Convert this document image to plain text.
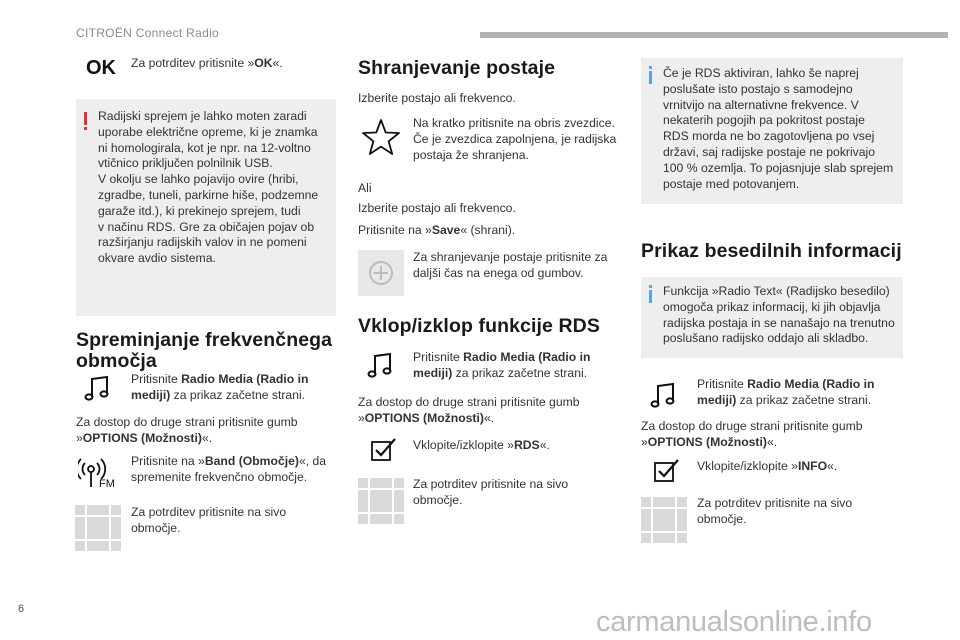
CITROËN Connect Radio
6	carmanualsonline.info
OK Za potrditev pritisnite »OK«.
Radijski sprejem je lahko moten zaradi
uporabe električne opreme, ki je znamka
ni homologirala, kot je npr. na 12-voltno
vtičnico priključen polnilnik USB.
V okolju se lahko pojavijo ovire (hribi,
zgradbe, tuneli, parkirne hiše, podzemne
garaže itd.), ki prekinejo sprejem, tudi
v načinu RDS. Gre za običajen pojav ob
razširjanju radijskih valov in ne pomeni
okvare avdio sistema.
Spreminjanje frekvenčnega
območja
Pritisnite Radio Media (Radio in mediji) za prikaz začetne strani.
Za dostop do druge strani pritisnite gumb
»OPTIONS (Možnosti)«.
FM
Pritisnite na »Band (Območje)«, da spremenite frekvenčno območje.
Za potrditev pritisnite na sivo območje.
Shranjevanje postaje
Izberite postajo ali frekvenco.
Na kratko pritisnite na obris zvezdice. Če je zvezdica zapolnjena, je radijska postaja že shranjena.
Ali
Izberite postajo ali frekvenco.
Pritisnite na »Save« (shrani).
Za shranjevanje postaje pritisnite za daljši čas na enega od gumbov.
Vklop/izklop funkcije RDS
Pritisnite Radio Media (Radio in mediji) za prikaz začetne strani.
Za dostop do druge strani pritisnite gumb
»OPTIONS (Možnosti)«.
Vklopite/izklopite »RDS«.
Za potrditev pritisnite na sivo območje.
Če je RDS aktiviran, lahko še naprej
poslušate isto postajo s samodejno
vrnitvijo na alternativne frekvence. V
nekaterih pogojih pa pokritost postaje
RDS morda ne bo zagotovljena po vsej
državi, saj radijske postaje ne pokrivajo
100 % ozemlja. To pojasnjuje slab sprejem
postaje med potovanjem.
Prikaz besedilnih informacij
Funkcija »Radio Text« (Radijsko besedilo)
omogoča prikaz informacij, ki jih objavlja
radijska postaja in se nanašajo na trenutno
poslušano radijsko oddajo ali skladbo.
Pritisnite Radio Media (Radio in mediji) za prikaz začetne strani.
Za dostop do druge strani pritisnite gumb
»OPTIONS (Možnosti)«.
Vklopite/izklopite »INFO«.
Za potrditev pritisnite na sivo območje.
